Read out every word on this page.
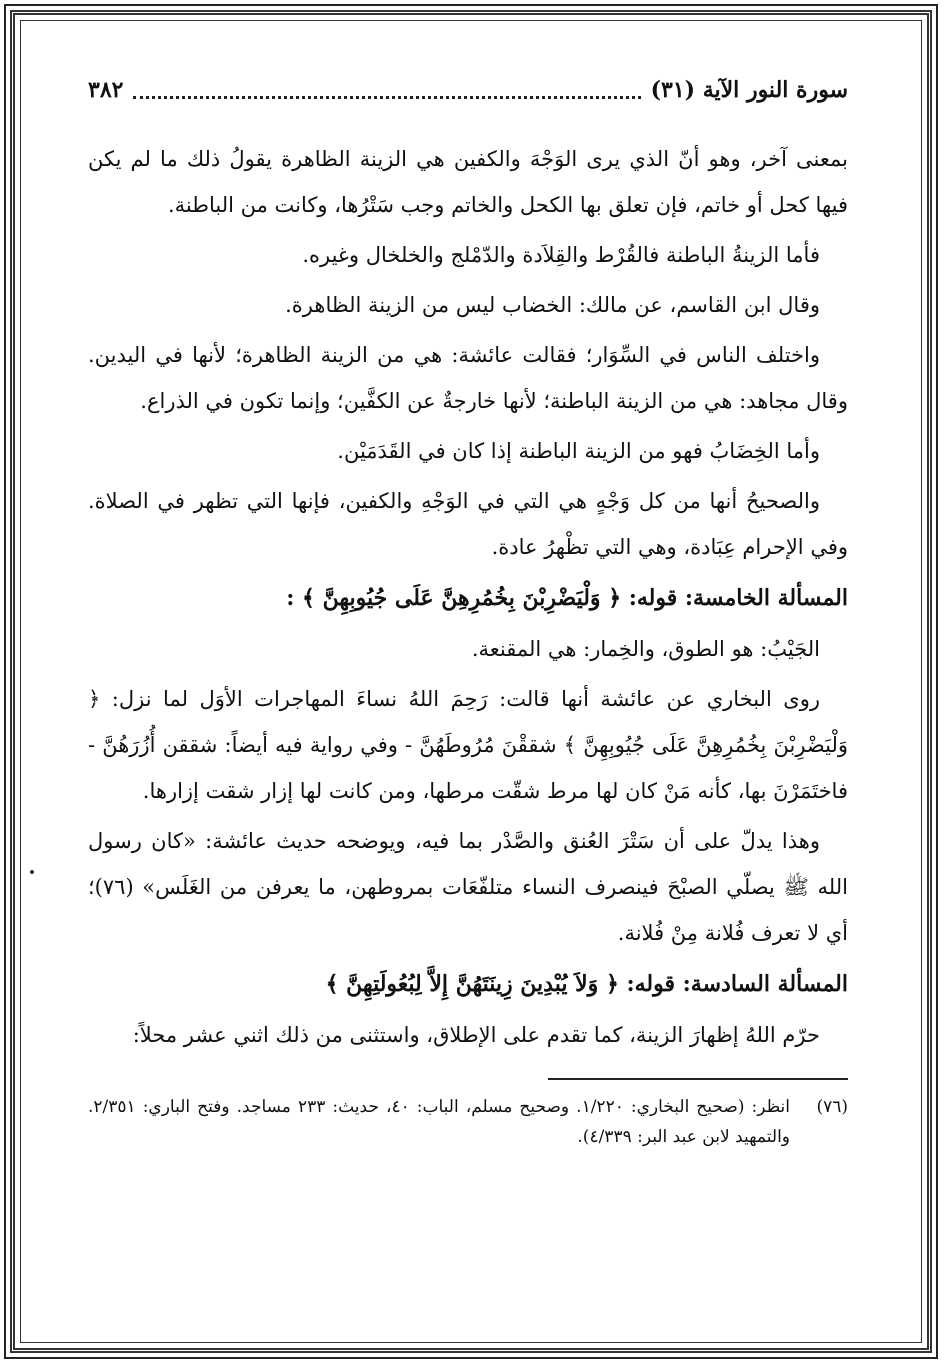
سورة النور الآية (٣١)
٣٨٢

بمعنى آخر، وهو أنّ الذي يرى الوَجْهَ والكفين هي الزينة الظاهرة يقولُ ذلك ما لم يكن فيها كحل أو خاتم، فإن تعلق بها الكحل والخاتم وجب سَتْرُها، وكانت من الباطنة.

فأما الزينةُ الباطنة فالقُرْط والقِلاَدة والدّمْلج والخلخال وغيره.

وقال ابن القاسم، عن مالك: الخضاب ليس من الزينة الظاهرة.

واختلف الناس في السِّوَار؛ فقالت عائشة: هي من الزينة الظاهرة؛ لأنها في اليدين. وقال مجاهد: هي من الزينة الباطنة؛ لأنها خارجةٌ عن الكفَّين؛ وإنما تكون في الذراع.

وأما الخِضَابُ فهو من الزينة الباطنة إذا كان في القَدَمَيْن.

والصحيحُ أنها من كل وَجْهٍ هي التي في الوَجْهِ والكفين، فإنها التي تظهر في الصلاة. وفي الإحرام عِبَادة، وهي التي تظْهرُ عادة.

المسألة الخامسة: قوله: ﴿ وَلْيَضْرِبْنَ بِخُمُرِهِنَّ عَلَى جُيُوبِهِنَّ ﴾ :

الجَيْبُ: هو الطوق، والخِمار: هي المقنعة.

روى البخاري عن عائشة أنها قالت: رَحِمَ اللهُ نساءَ المهاجرات الأوَل لما نزل: ﴿ وَلْيَضْرِبْنَ بِخُمُرِهِنَّ عَلَى جُيُوبِهِنَّ ﴾ شققْنَ مُرُوطَهُنَّ - وفي رواية فيه أيضاً: شققن أُزُرَهُنَّ - فاختَمَرْنَ بها، كأنه مَنْ كان لها مرط شقّت مرطها، ومن كانت لها إزار شقت إزارها.

وهذا يدلّ على أن سَتْرَ العُنق والصَّدْر بما فيه، ويوضحه حديث عائشة: «كان رسول الله ﷺ يصلّي الصبْحَ فينصرف النساء متلفّعَات بمروطهن، ما يعرفن من الغَلَس» (٧٦)؛ أي لا تعرف فُلانة مِنْ فُلانة.

المسألة السادسة: قوله: ﴿ وَلاَ يُبْدِينَ زِينَتَهُنَّ إِلاَّ لِبُعُولَتِهِنَّ ﴾

حرّم اللهُ إظهارَ الزينة، كما تقدم على الإطلاق، واستثنى من ذلك اثني عشر محلاً:

(٧٦)
انظر: (صحيح البخاري: ١/٢٢٠. وصحيح مسلم، الباب: ٤٠، حديث: ٢٣٣ مساجد. وفتح الباري: ٢/٣٥١. والتمهيد لابن عبد البر: ٤/٣٣٩).
